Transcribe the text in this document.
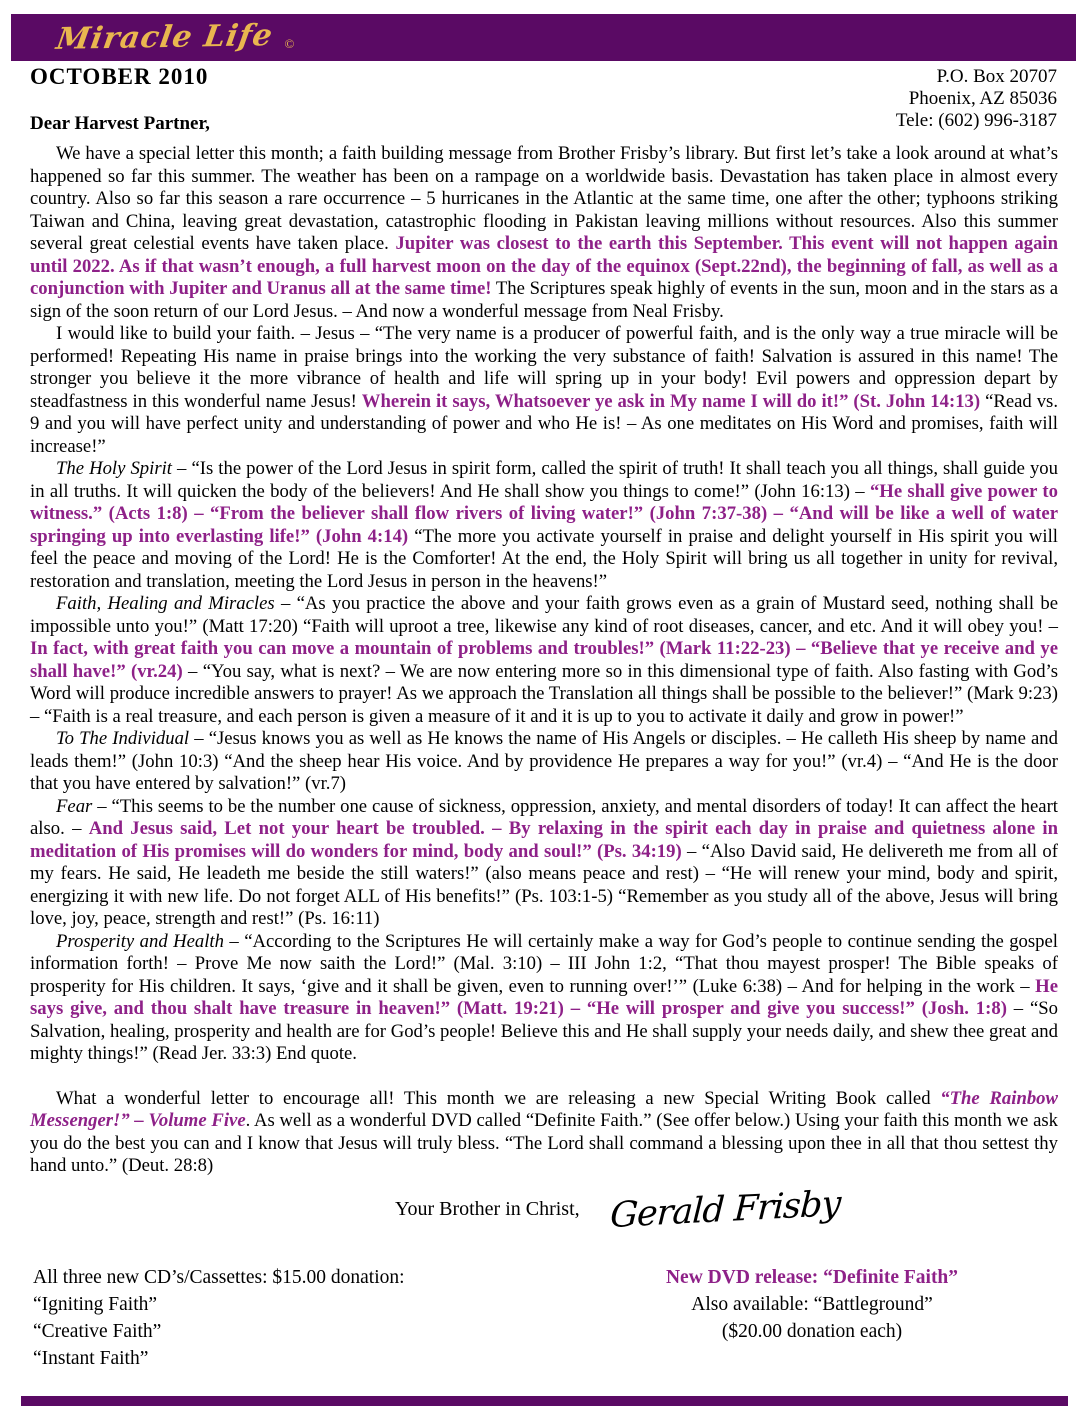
Miracle Life ©
OCTOBER 2010	P.O. Box 20707
Phoenix, AZ 85036
Tele: (602) 996-3187
Dear Harvest Partner,

We have a special letter this month; a faith building message from Brother Frisby’s library. But first let’s take a look around at what’s happened so far this summer. The weather has been on a rampage on a worldwide basis. Devastation has taken place in almost every country. Also so far this season a rare occurrence – 5 hurricanes in the Atlantic at the same time, one after the other; typhoons striking Taiwan and China, leaving great devastation, catastrophic flooding in Pakistan leaving millions without resources. Also this summer several great celestial events have taken place. Jupiter was closest to the earth this September. This event will not happen again until 2022. As if that wasn’t enough, a full harvest moon on the day of the equinox (Sept.22nd), the beginning of fall, as well as a conjunction with Jupiter and Uranus all at the same time! The Scriptures speak highly of events in the sun, moon and in the stars as a sign of the soon return of our Lord Jesus. – And now a wonderful message from Neal Frisby.

I would like to build your faith. – Jesus – “The very name is a producer of powerful faith, and is the only way a true miracle will be performed! Repeating His name in praise brings into the working the very substance of faith! Salvation is assured in this name! The stronger you believe it the more vibrance of health and life will spring up in your body! Evil powers and oppression depart by steadfastness in this wonderful name Jesus! Wherein it says, Whatsoever ye ask in My name I will do it!” (St. John 14:13) “Read vs. 9 and you will have perfect unity and understanding of power and who He is! – As one meditates on His Word and promises, faith will increase!”

The Holy Spirit – “Is the power of the Lord Jesus in spirit form, called the spirit of truth! It shall teach you all things, shall guide you in all truths. It will quicken the body of the believers! And He shall show you things to come!” (John 16:13) – “He shall give power to witness.” (Acts 1:8) – “From the believer shall flow rivers of living water!” (John 7:37-38) – “And will be like a well of water springing up into everlasting life!” (John 4:14) “The more you activate yourself in praise and delight yourself in His spirit you will feel the peace and moving of the Lord! He is the Comforter! At the end, the Holy Spirit will bring us all together in unity for revival, restoration and translation, meeting the Lord Jesus in person in the heavens!”

Faith, Healing and Miracles – “As you practice the above and your faith grows even as a grain of Mustard seed, nothing shall be impossible unto you!” (Matt 17:20) “Faith will uproot a tree, likewise any kind of root diseases, cancer, and etc. And it will obey you! – In fact, with great faith you can move a mountain of problems and troubles!” (Mark 11:22-23) – “Believe that ye receive and ye shall have!” (vr.24) – “You say, what is next? – We are now entering more so in this dimensional type of faith. Also fasting with God’s Word will produce incredible answers to prayer! As we approach the Translation all things shall be possible to the believer!” (Mark 9:23) – “Faith is a real treasure, and each person is given a measure of it and it is up to you to activate it daily and grow in power!”

To The Individual – “Jesus knows you as well as He knows the name of His Angels or disciples. – He calleth His sheep by name and leads them!” (John 10:3) “And the sheep hear His voice. And by providence He prepares a way for you!” (vr.4) – “And He is the door that you have entered by salvation!” (vr.7)

Fear – “This seems to be the number one cause of sickness, oppression, anxiety, and mental disorders of today! It can affect the heart also. – And Jesus said, Let not your heart be troubled. – By relaxing in the spirit each day in praise and quietness alone in meditation of His promises will do wonders for mind, body and soul!” (Ps. 34:19) – “Also David said, He delivereth me from all of my fears. He said, He leadeth me beside the still waters!” (also means peace and rest) – “He will renew your mind, body and spirit, energizing it with new life. Do not forget ALL of His benefits!” (Ps. 103:1-5) “Remember as you study all of the above, Jesus will bring love, joy, peace, strength and rest!” (Ps. 16:11)

Prosperity and Health – “According to the Scriptures He will certainly make a way for God’s people to continue sending the gospel information forth! – Prove Me now saith the Lord!” (Mal. 3:10) – III John 1:2, “That thou mayest prosper! The Bible speaks of prosperity for His children. It says, ‘give and it shall be given, even to running over!’” (Luke 6:38) – And for helping in the work – He says give, and thou shalt have treasure in heaven!” (Matt. 19:21) – “He will prosper and give you success!” (Josh. 1:8) – “So Salvation, healing, prosperity and health are for God’s people! Believe this and He shall supply your needs daily, and shew thee great and mighty things!” (Read Jer. 33:3) End quote.

What a wonderful letter to encourage all! This month we are releasing a new Special Writing Book called “The Rainbow Messenger!” – Volume Five. As well as a wonderful DVD called “Definite Faith.” (See offer below.) Using your faith this month we ask you do the best you can and I know that Jesus will truly bless. “The Lord shall command a blessing upon thee in all that thou settest thy hand unto.” (Deut. 28:8)

Your Brother in Christ, Gerald Frisby
All three new CD’s/Cassettes: $15.00 donation:
“Igniting Faith”
“Creative Faith”
“Instant Faith”
New DVD release: “Definite Faith”
Also available: “Battleground”
($20.00 donation each)
